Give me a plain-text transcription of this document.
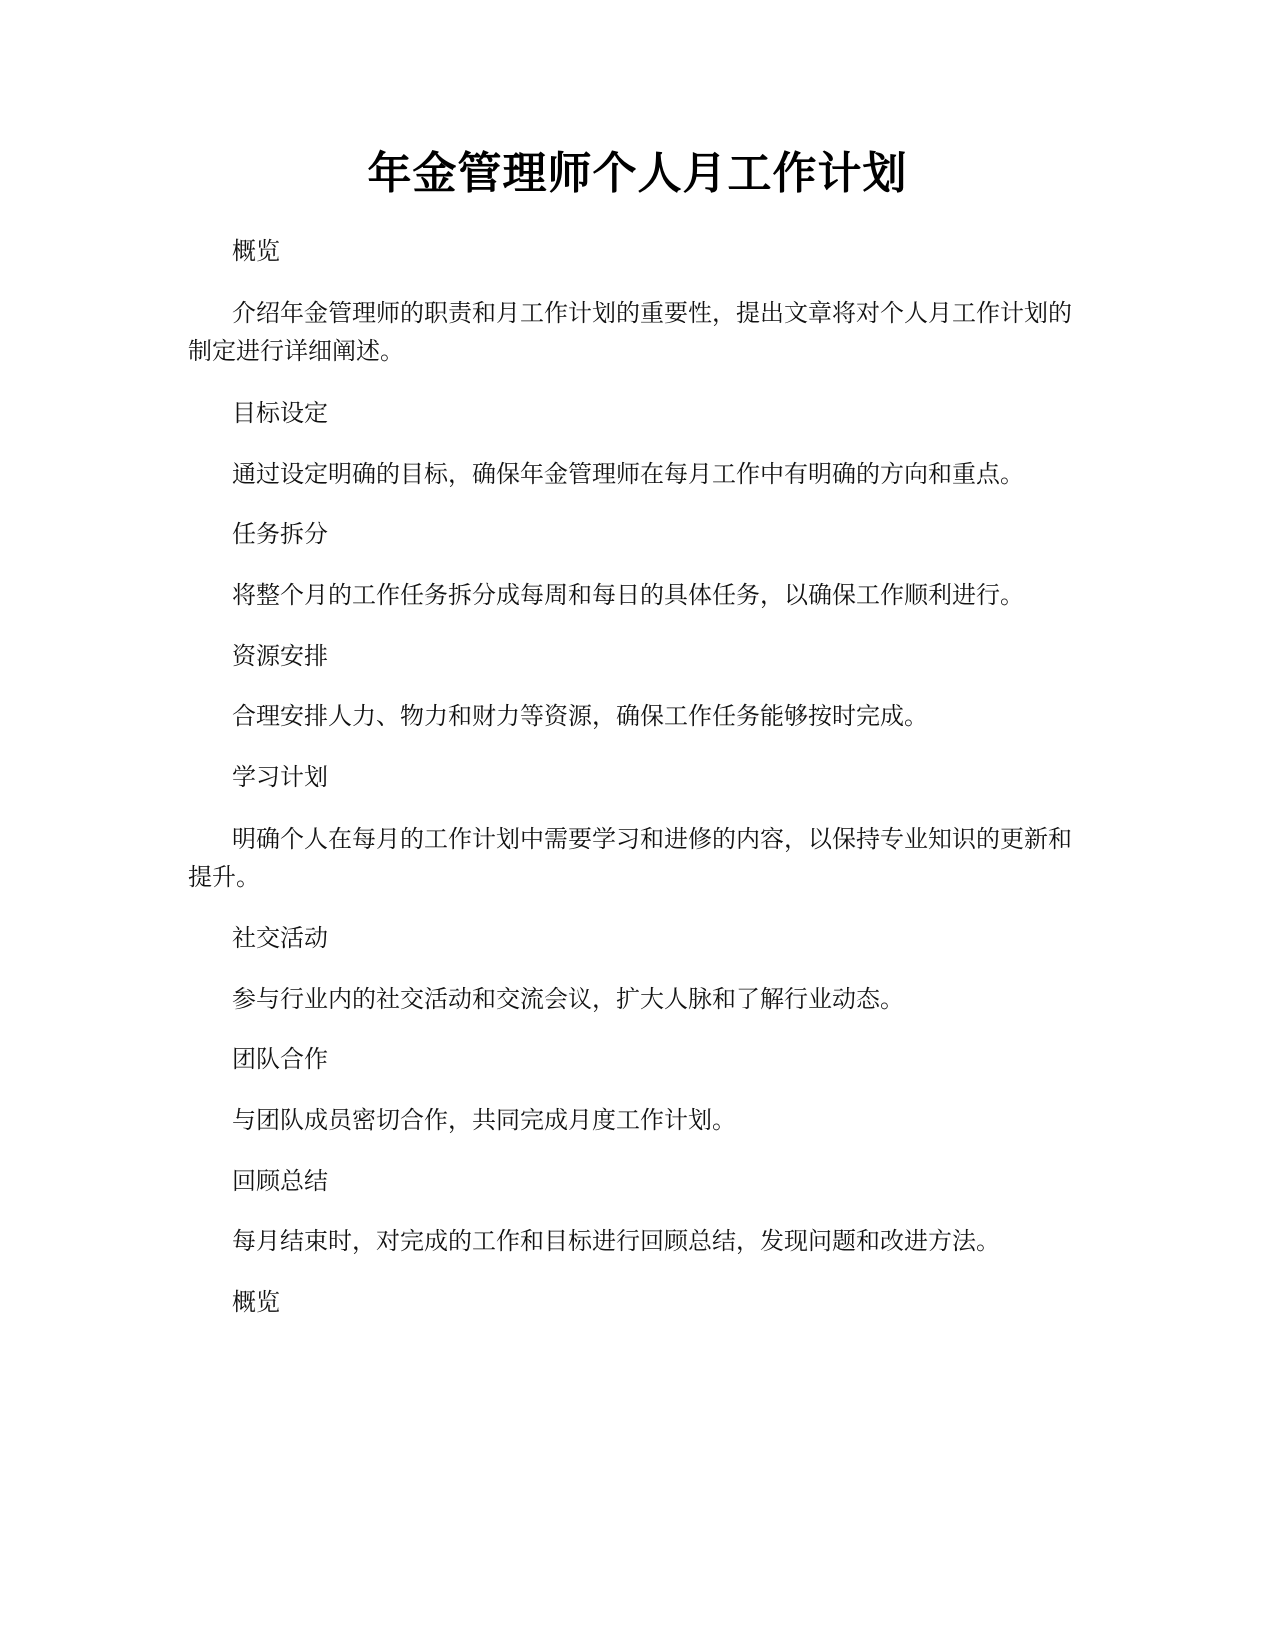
年金管理师个人月工作计划

概览

介绍年金管理师的职责和月工作计划的重要性，提出文章将对个人月工作计划的制定进行详细阐述。

目标设定

通过设定明确的目标，确保年金管理师在每月工作中有明确的方向和重点。

任务拆分

将整个月的工作任务拆分成每周和每日的具体任务，以确保工作顺利进行。

资源安排

合理安排人力、物力和财力等资源，确保工作任务能够按时完成。

学习计划

明确个人在每月的工作计划中需要学习和进修的内容，以保持专业知识的更新和提升。

社交活动

参与行业内的社交活动和交流会议，扩大人脉和了解行业动态。

团队合作

与团队成员密切合作，共同完成月度工作计划。

回顾总结

每月结束时，对完成的工作和目标进行回顾总结，发现问题和改进方法。

概览
